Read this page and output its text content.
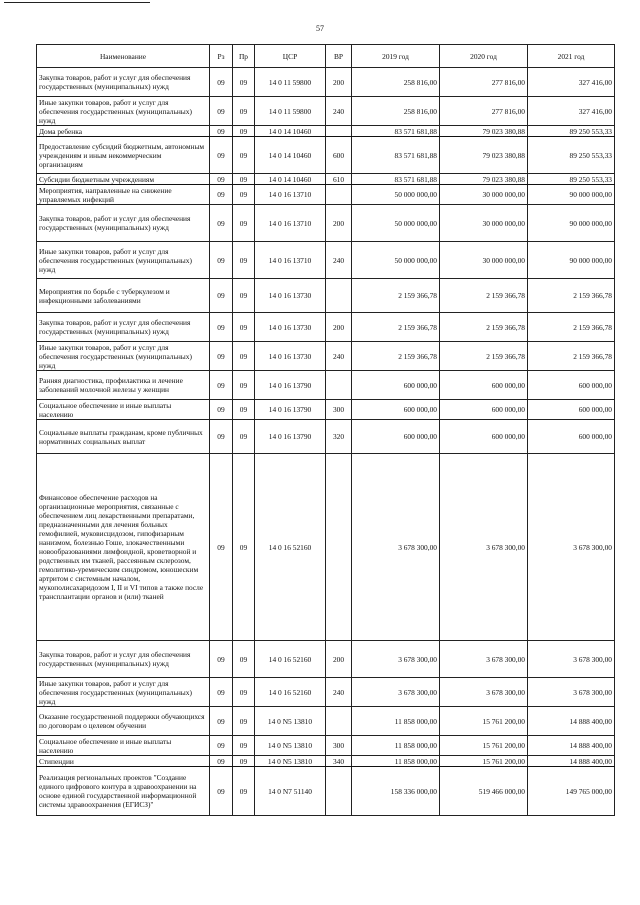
57
Наименование	Рз	Пр	ЦСР	ВР	2019 год	2020 год	2021 год
Закупка товаров, работ и услуг для обеспечения государственных (муниципальных) нужд	09	09	14 0 11 59800	200	258 816,00	277 816,00	327 416,00
Иные закупки товаров, работ и услуг для обеспечения государственных (муниципальных) нужд	09	09	14 0 11 59800	240	258 816,00	277 816,00	327 416,00
Дома ребенка	09	09	14 0 14 10460		83 571 681,88	79 023 380,88	89 250 553,33
Предоставление субсидий бюджетным, автономным учреждениям и иным некоммерческим организациям	09	09	14 0 14 10460	600	83 571 681,88	79 023 380,88	89 250 553,33
Субсидии бюджетным учреждениям	09	09	14 0 14 10460	610	83 571 681,88	79 023 380,88	89 250 553,33
Мероприятия, направленные на снижение управляемых инфекций	09	09	14 0 16 13710		50 000 000,00	30 000 000,00	90 000 000,00
Закупка товаров, работ и услуг для обеспечения государственных (муниципальных) нужд	09	09	14 0 16 13710	200	50 000 000,00	30 000 000,00	90 000 000,00
Иные закупки товаров, работ и услуг для обеспечения государственных (муниципальных) нужд	09	09	14 0 16 13710	240	50 000 000,00	30 000 000,00	90 000 000,00
Мероприятия по борьбе с туберкулезом и инфекционными заболеваниями	09	09	14 0 16 13730		2 159 366,78	2 159 366,78	2 159 366,78
Закупка товаров, работ и услуг для обеспечения государственных (муниципальных) нужд	09	09	14 0 16 13730	200	2 159 366,78	2 159 366,78	2 159 366,78
Иные закупки товаров, работ и услуг для обеспечения государственных (муниципальных) нужд	09	09	14 0 16 13730	240	2 159 366,78	2 159 366,78	2 159 366,78
Ранняя диагностика, профилактика и лечение заболеваний молочной железы у женщин	09	09	14 0 16 13790		600 000,00	600 000,00	600 000,00
Социальное обеспечение и иные выплаты населению	09	09	14 0 16 13790	300	600 000,00	600 000,00	600 000,00
Социальные выплаты гражданам, кроме публичных нормативных социальных выплат	09	09	14 0 16 13790	320	600 000,00	600 000,00	600 000,00
Финансовое обеспечение расходов на организационные мероприятия, связанные с обеспечением лиц лекарственными препаратами, предназначенными для лечения больных гемофилией, муковисцидозом, гипофизарным нанизмом, болезнью Гоше, злокачественными новообразованиями лимфоидной, кроветворной и родственных им тканей, рассеянным склерозом, гемолитико-уремическим синдромом, юношеским артритом с системным началом, мукополисахаридозом I, II и VI типов а также после трансплантации органов и (или) тканей	09	09	14 0 16 52160		3 678 300,00	3 678 300,00	3 678 300,00
Закупка товаров, работ и услуг для обеспечения государственных (муниципальных) нужд	09	09	14 0 16 52160	200	3 678 300,00	3 678 300,00	3 678 300,00
Иные закупки товаров, работ и услуг для обеспечения государственных (муниципальных) нужд	09	09	14 0 16 52160	240	3 678 300,00	3 678 300,00	3 678 300,00
Оказание государственной поддержки обучающихся по договорам о целевом обучении	09	09	14 0 N5 13810		11 858 000,00	15 761 200,00	14 888 400,00
Социальное обеспечение и иные выплаты населению	09	09	14 0 N5 13810	300	11 858 000,00	15 761 200,00	14 888 400,00
Стипендии	09	09	14 0 N5 13810	340	11 858 000,00	15 761 200,00	14 888 400,00
Реализация региональных проектов "Создание единого цифрового контура в здравоохранении на основе единой государственной информационной системы здравоохранения (ЕГИСЗ)"	09	09	14 0 N7 51140		158 336 000,00	519 466 000,00	149 765 000,00
